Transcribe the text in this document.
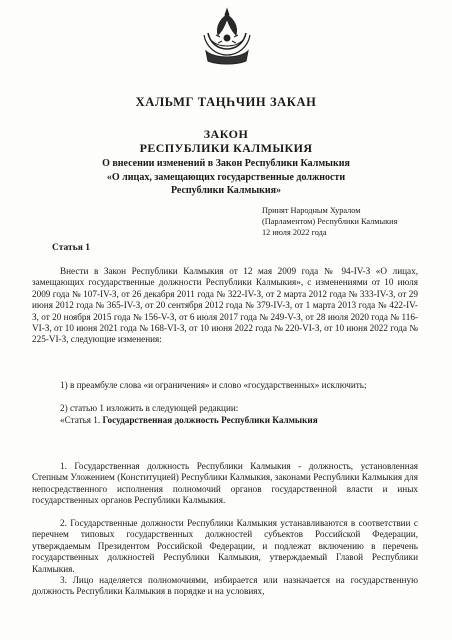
ХАЛЬМГ ТАҢҺЧИН ЗАКАН
ЗАКОН
РЕСПУБЛИКИ КАЛМЫКИЯ
О внесении изменений в Закон Республики Калмыкия
«О лицах, замещающих государственные должности
Республики Калмыкия»
Принят Народным Хуралом
(Парламентом) Республики Калмыкия
12 июля 2022 года
Статья 1

Внести в Закон Республики Калмыкия от 12 мая 2009 года № 94-IV-З «О лицах, замещающих государственные должности Республики Калмыкия», с изменениями от 10 июля 2009 года № 107-IV-З, от 26 декабря 2011 года № 322-IV-З, от 2 марта 2012 года № 333-IV-З, от 29 июня 2012 года № 365-IV-З, от 20 сентября 2012 года № 379-IV-З, от 1 марта 2013 года № 422-IV-З, от 20 ноября 2015 года № 156-V-З, от 6 июля 2017 года № 249-V-З, от 28 июля 2020 года № 116-VI-З, от 10 июня 2021 года № 168-VI-З, от 10 июня 2022 года № 220-VI-З, от 10 июня 2022 года № 225-VI-З, следующие изменения:

1) в преамбуле слова «и ограничения» и слово «государственных» исключить;

2) статью 1 изложить в следующей редакции:

«Статья 1. Государственная должность Республики Калмыкия

1. Государственная должность Республики Калмыкия - должность, установленная Степным Уложением (Конституцией) Республики Калмыкия, законами Республики Калмыкия для непосредственного исполнения полномочий органов государственной власти и иных государственных органов Республики Калмыкия.

2. Государственные должности Республики Калмыкия устанавливаются в соответствии с перечнем типовых государственных должностей субъектов Российской Федерации, утверждаемым Президентом Российской Федерации, и подлежат включению в перечень государственных должностей Республики Калмыкия, утверждаемый Главой Республики Калмыкия.

3. Лицо наделяется полномочиями, избирается или назначается на государственную должность Республики Калмыкия в порядке и на условиях,
